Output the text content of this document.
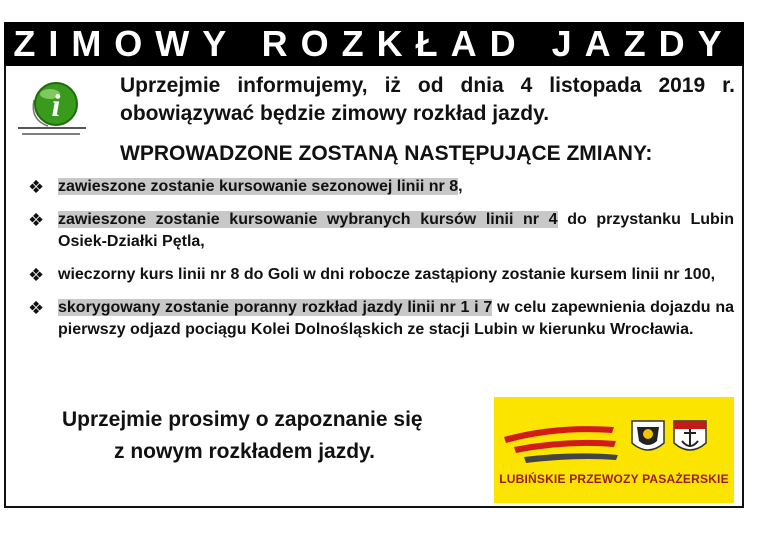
ZIMOWY ROZKŁAD JAZDY
i
Uprzejmie informujemy, iż od dnia 4 listopada 2019 r.
obowiązywać będzie zimowy rozkład jazdy.
WPROWADZONE ZOSTANĄ NASTĘPUJĄCE ZMIANY:
❖ zawieszone zostanie kursowanie sezonowej linii nr 8,
❖ zawieszone zostanie kursowanie wybranych kursów linii nr 4 do przystanku Lubin Osiek-Działki Pętla,
❖ wieczorny kurs linii nr 8 do Goli w dni robocze zastąpiony zostanie kursem linii nr 100,
❖ skorygowany zostanie poranny rozkład jazdy linii nr 1 i 7 w celu zapewnienia dojazdu na pierwszy odjazd pociągu Kolei Dolnośląskich ze stacji Lubin w kierunku Wrocławia.
Uprzejmie prosimy o zapoznanie się
z nowym rozkładem jazdy.
LUBIŃSKIE PRZEWOZY PASAŻERSKIE
